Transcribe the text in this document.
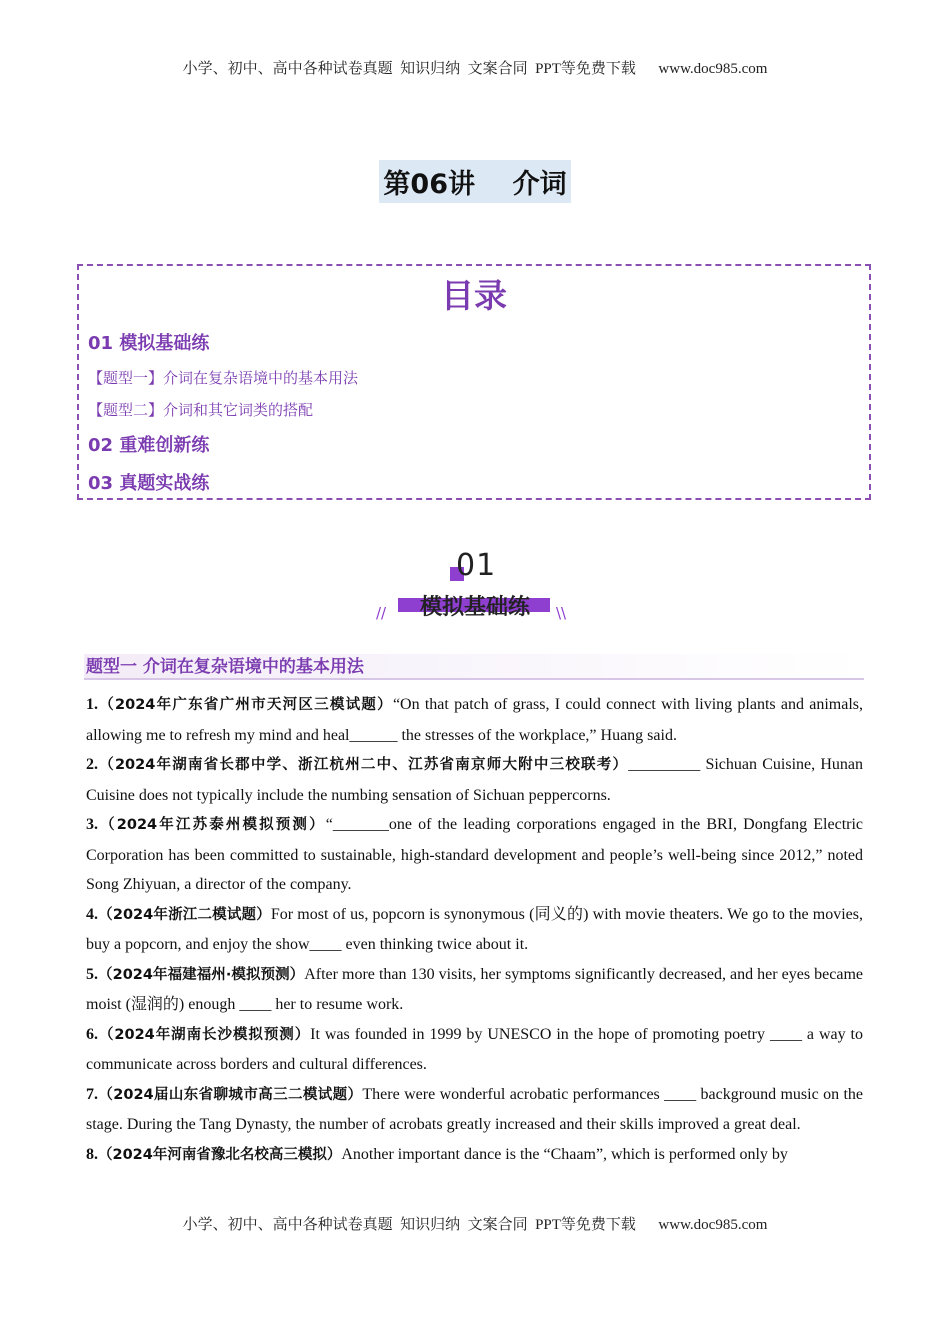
小学、初中、高中各种试卷真题  知识归纳  文案合同  PPT等免费下载      www.doc985.com
第06讲    介词
目录
01 模拟基础练
【题型一】介词在复杂语境中的基本用法
【题型二】介词和其它词类的搭配
02 重难创新练
03 真题实战练
01
模拟基础练
//	\\
题型一 介词在复杂语境中的基本用法

1.（2024年广东省广州市天河区三模试题）“On that patch of grass, I could connect with living plants and animals, allowing me to refresh my mind and heal______ the stresses of the workplace,” Huang said.

2.（2024年湖南省长郡中学、浙江杭州二中、江苏省南京师大附中三校联考）_________ Sichuan Cuisine, Hunan Cuisine does not typically include the numbing sensation of Sichuan peppercorns.

3.（2024年江苏泰州模拟预测）“_______one of the leading corporations engaged in the BRI, Dongfang Electric Corporation has been committed to sustainable, high-standard development and people’s well-being since 2012,” noted Song Zhiyuan, a director of the company.

4.（2024年浙江二模试题）For most of us, popcorn is synonymous (同义的) with movie theaters. We go to the movies, buy a popcorn, and enjoy the show____ even thinking twice about it.

5.（2024年福建福州·模拟预测）After more than 130 visits, her symptoms significantly decreased, and her eyes became moist (湿润的) enough ____ her to resume work.

6.（2024年湖南长沙模拟预测）It was founded in 1999 by UNESCO in the hope of promoting poetry ____ a way to communicate across borders and cultural differences.

7.（2024届山东省聊城市高三二模试题）There were wonderful acrobatic performances ____ background music on the stage. During the Tang Dynasty, the number of acrobats greatly increased and their skills improved a great deal.

8.（2024年河南省豫北名校高三模拟）Another important dance is the “Chaam”, which is performed only by

小学、初中、高中各种试卷真题  知识归纳  文案合同  PPT等免费下载      www.doc985.com
